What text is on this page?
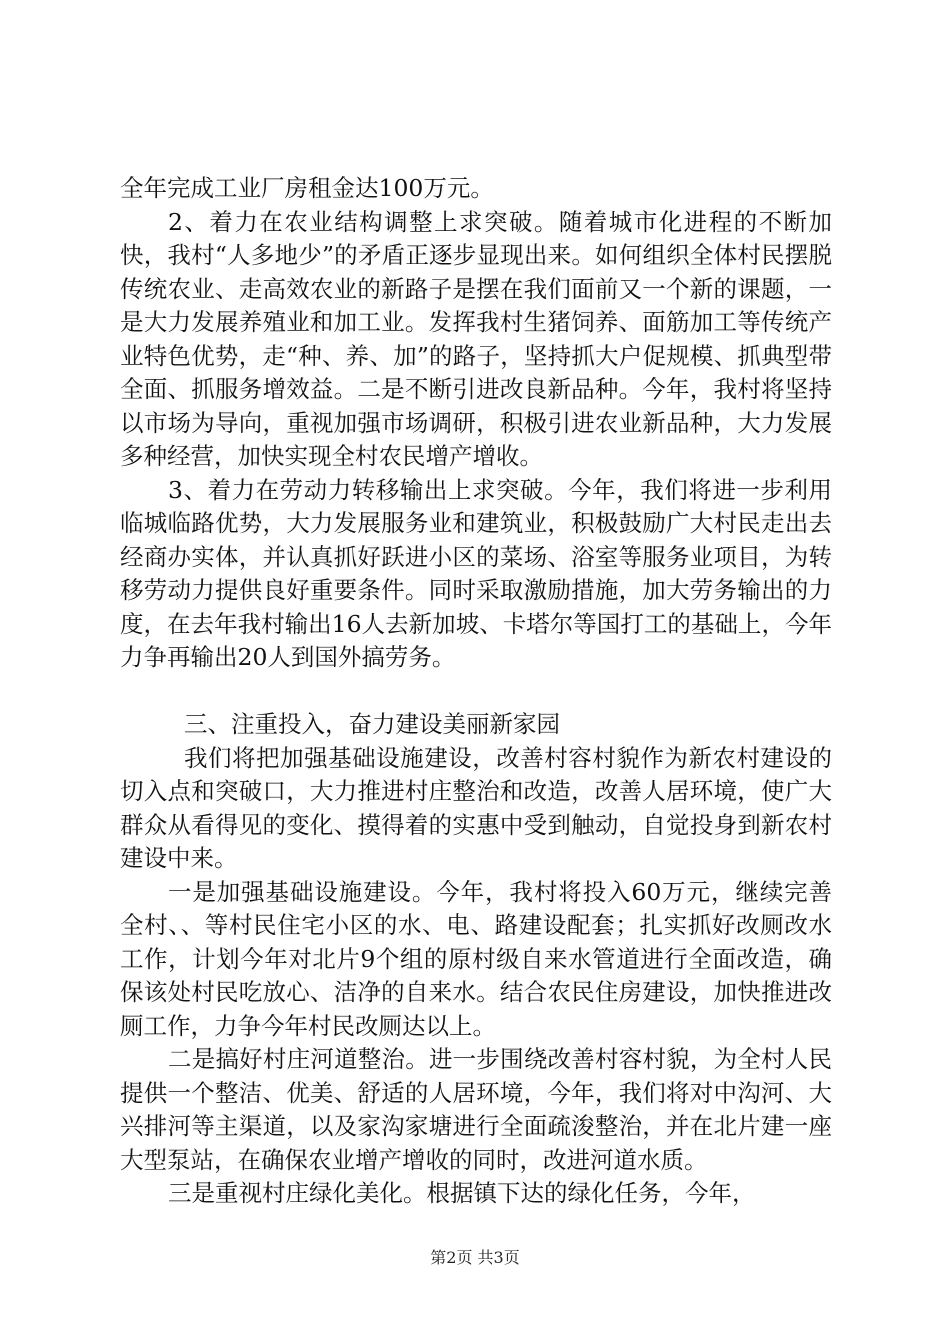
全年完成工业厂房租金达100万元。

2、着力在农业结构调整上求突破。随着城市化进程的不断加快，我村“人多地少”的矛盾正逐步显现出来。如何组织全体村民摆脱传统农业、走高效农业的新路子是摆在我们面前又一个新的课题，一是大力发展养殖业和加工业。发挥我村生猪饲养、面筋加工等传统产业特色优势，走“种、养、加”的路子，坚持抓大户促规模、抓典型带全面、抓服务增效益。二是不断引进改良新品种。今年，我村将坚持以市场为导向，重视加强市场调研，积极引进农业新品种，大力发展多种经营，加快实现全村农民增产增收。

3、着力在劳动力转移输出上求突破。今年，我们将进一步利用临城临路优势，大力发展服务业和建筑业，积极鼓励广大村民走出去经商办实体，并认真抓好跃进小区的菜场、浴室等服务业项目，为转移劳动力提供良好重要条件。同时采取激励措施，加大劳务输出的力度，在去年我村输出16人去新加坡、卡塔尔等国打工的基础上，今年力争再输出20人到国外搞劳务。

三、注重投入，奋力建设美丽新家园

我们将把加强基础设施建设，改善村容村貌作为新农村建设的切入点和突破口，大力推进村庄整治和改造，改善人居环境，使广大群众从看得见的变化、摸得着的实惠中受到触动，自觉投身到新农村建设中来。

一是加强基础设施建设。今年，我村将投入60万元，继续完善全村、、等村民住宅小区的水、电、路建设配套；扎实抓好改厕改水工作，计划今年对北片9个组的原村级自来水管道进行全面改造，确保该处村民吃放心、洁净的自来水。结合农民住房建设，加快推进改厕工作，力争今年村民改厕达以上。

二是搞好村庄河道整治。进一步围绕改善村容村貌，为全村人民提供一个整洁、优美、舒适的人居环境，今年，我们将对中沟河、大兴排河等主渠道，以及家沟家塘进行全面疏浚整治，并在北片建一座大型泵站，在确保农业增产增收的同时，改进河道水质。

三是重视村庄绿化美化。根据镇下达的绿化任务，今年，

第2页 共3页
